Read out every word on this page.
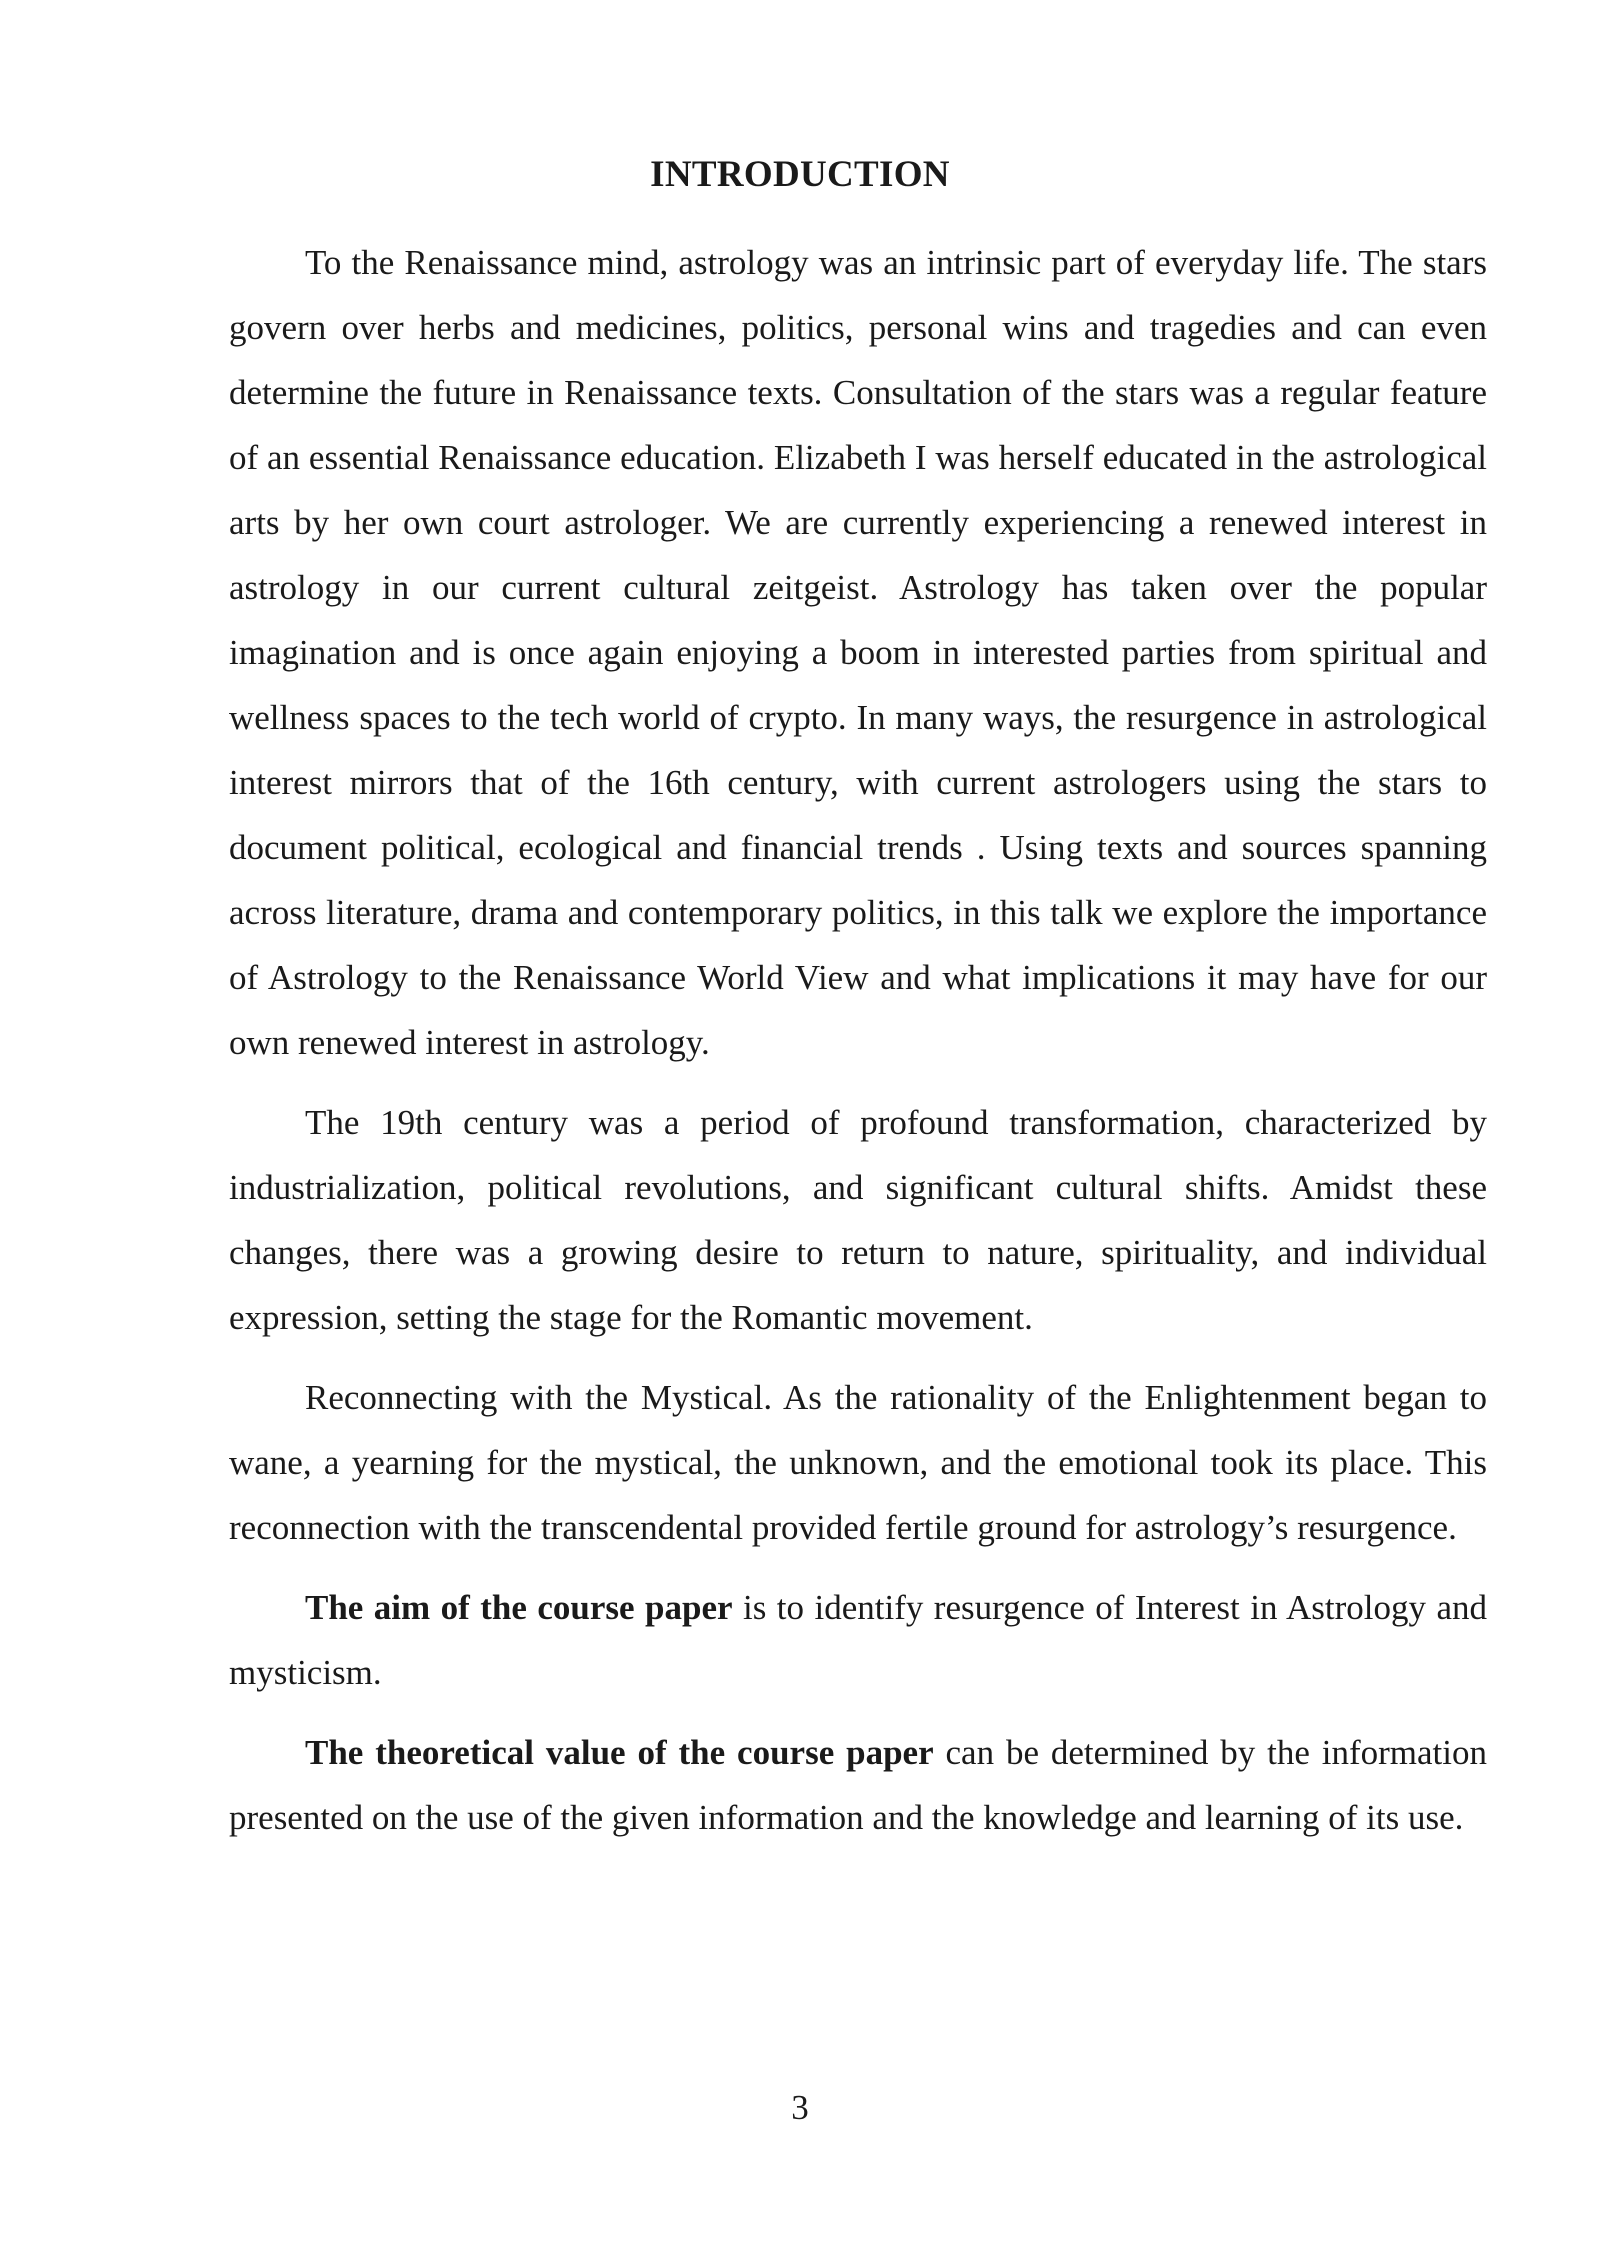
INTRODUCTION

To the Renaissance mind, astrology was an intrinsic part of everyday life. The stars govern over herbs and medicines, politics, personal wins and tragedies and can even determine the future in Renaissance texts. Consultation of the stars was a regular feature of an essential Renaissance education. Elizabeth I was herself educated in the astrological arts by her own court astrologer. We are currently experiencing a renewed interest in astrology in our current cultural zeitgeist. Astrology has taken over the popular imagination and is once again enjoying a boom in interested parties from spiritual and wellness spaces to the tech world of crypto. In many ways, the resurgence in astrological interest mirrors that of the 16th century, with current astrologers using the stars to document political, ecological and financial trends . Using texts and sources spanning across literature, drama and contemporary politics, in this talk we explore the importance of Astrology to the Renaissance World View and what implications it may have for our own renewed interest in astrology.

The 19th century was a period of profound transformation, characterized by industrialization, political revolutions, and significant cultural shifts. Amidst these changes, there was a growing desire to return to nature, spirituality, and individual expression, setting the stage for the Romantic movement.

Reconnecting with the Mystical. As the rationality of the Enlightenment began to wane, a yearning for the mystical, the unknown, and the emotional took its place. This reconnection with the transcendental provided fertile ground for astrology’s resurgence.

The aim of the course paper is to identify resurgence of Interest in Astrology and mysticism.

The theoretical value of the course paper can be determined by the information presented on the use of the given information and the knowledge and learning of its use.

3
